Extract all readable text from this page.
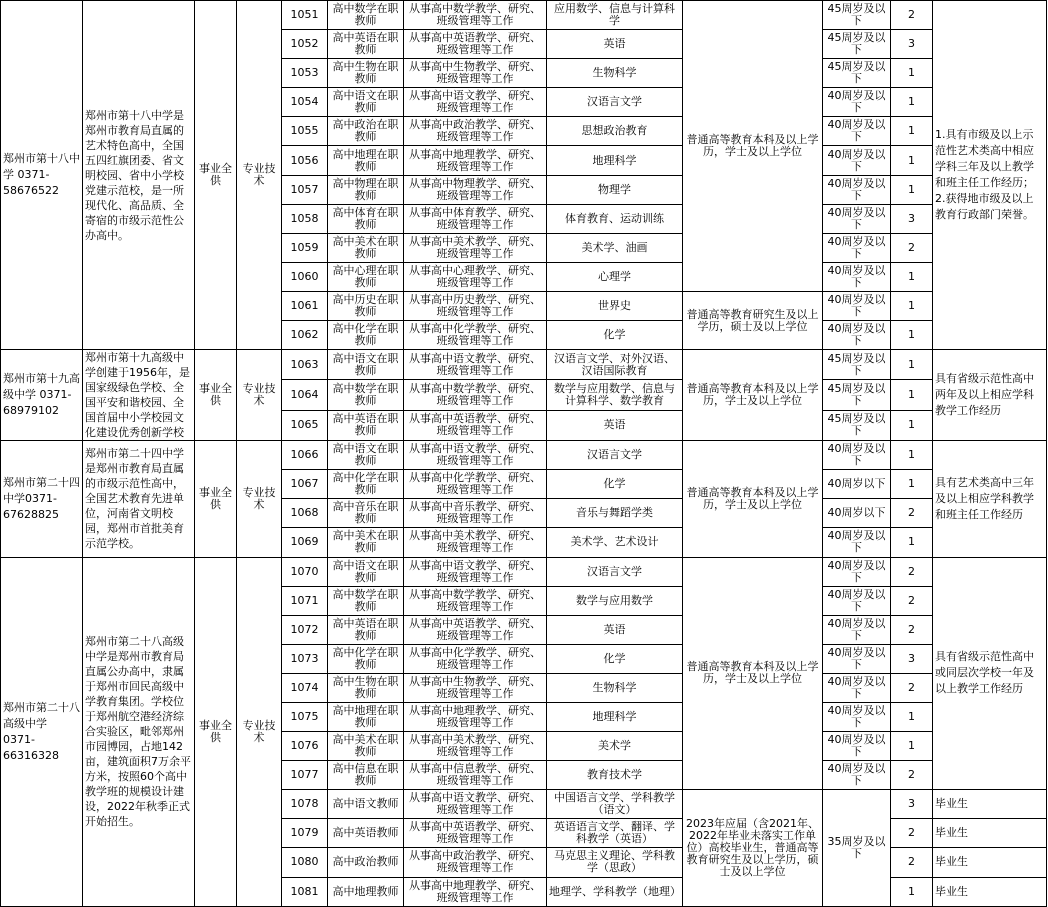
郑州市第十八中学 0371-58676522	郑州市第十八中学是郑州市教育局直属的艺术特色高中，全国五四红旗团委、省文明校园、省中小学校党建示范校，是一所现代化、高品质、全寄宿的市级示范性公办高中。	事业全供	专业技术	1051	高中数学在职教师	从事高中数学教学、研究、班级管理等工作	应用数学、信息与计算科学	普通高等教育本科及以上学历，学士及以上学位	45周岁及以下	2	1.具有市级及以上示范性艺术类高中相应学科三年及以上教学和班主任工作经历；2.获得地市级及以上教育行政部门荣誉。
				1052	高中英语在职教师	从事高中英语教学、研究、班级管理等工作	英语		45周岁及以下	3	
				1053	高中生物在职教师	从事高中生物教学、研究、班级管理等工作	生物科学		45周岁及以下	1	
				1054	高中语文在职教师	从事高中语文教学、研究、班级管理等工作	汉语言文学		40周岁及以下	1	
				1055	高中政治在职教师	从事高中政治教学、研究、班级管理等工作	思想政治教育		40周岁及以下	1	
				1056	高中地理在职教师	从事高中地理教学、研究、班级管理等工作	地理科学		40周岁及以下	1	
				1057	高中物理在职教师	从事高中物理教学、研究、班级管理等工作	物理学		40周岁及以下	1	
				1058	高中体育在职教师	从事高中体育教学、研究、班级管理等工作	体育教育、运动训练		40周岁及以下	3	
				1059	高中美术在职教师	从事高中美术教学、研究、班级管理等工作	美术学、油画		40周岁及以下	2	
				1060	高中心理在职教师	从事高中心理教学、研究、班级管理等工作	心理学		40周岁及以下	1	
				1061	高中历史在职教师	从事高中历史教学、研究、班级管理等工作	世界史	普通高等教育研究生及以上学历，硕士及以上学位	40周岁及以下	1	
				1062	高中化学在职教师	从事高中化学教学、研究、班级管理等工作	化学		40周岁及以下	1	
郑州市第十九高级中学 0371-68979102	郑州市第十九高级中学创建于1956年，是国家级绿色学校、全国平安和谐校园、全国首届中小学校园文化建设优秀创新学校	事业全供	专业技术	1063	高中语文在职教师	从事高中语文教学、研究、班级管理等工作	汉语言文学、对外汉语、汉语国际教育	普通高等教育本科及以上学历，学士及以上学位	45周岁及以下	1	具有省级示范性高中两年及以上相应学科教学工作经历
				1064	高中数学在职教师	从事高中数学教学、研究、班级管理等工作	数学与应用数学、信息与计算科学、数学教育		45周岁及以下	1	
				1065	高中英语在职教师	从事高中英语教学、研究、班级管理等工作	英语		45周岁及以下	1	
郑州市第二十四中学0371-67628825	郑州市第二十四中学是郑州市教育局直属的市级示范性高中，全国艺术教育先进单位，河南省文明校园，郑州市首批美育示范学校。	事业全供	专业技术	1066	高中语文在职教师	从事高中语文教学、研究、班级管理等工作	汉语言文学	普通高等教育本科及以上学历，学士及以上学位	40周岁及以下	1	具有艺术类高中三年及以上相应学科教学和班主任工作经历
				1067	高中化学在职教师	从事高中化学教学、研究、班级管理等工作	化学		40周岁以下	1	
				1068	高中音乐在职教师	从事高中音乐教学、研究、班级管理等工作	音乐与舞蹈学类		40周岁以下	2	
				1069	高中美术在职教师	从事高中美术教学、研究、班级管理等工作	美术学、艺术设计		40周岁及以下	1	
郑州市第二十八高级中学 0371-66316328	郑州市第二十八高级中学是郑州市教育局直属公办高中，隶属于郑州市回民高级中学教育集团。学校位于郑州航空港经济综合实验区，毗邻郑州市园博园，占地142亩，建筑面积7万余平方米，按照60个高中教学班的规模设计建设，2022年秋季正式开始招生。	事业全供	专业技术	1070	高中语文在职教师	从事高中语文教学、研究、班级管理等工作	汉语言文学	普通高等教育本科及以上学历，学士及以上学位	40周岁及以下	2	具有省级示范性高中或同层次学校一年及以上教学工作经历
				1071	高中数学在职教师	从事高中数学教学、研究、班级管理等工作	数学与应用数学		40周岁及以下	2	
				1072	高中英语在职教师	从事高中英语教学、研究、班级管理等工作	英语		40周岁及以下	2	
				1073	高中化学在职教师	从事高中化学教学、研究、班级管理等工作	化学		40周岁及以下	3	
				1074	高中生物在职教师	从事高中生物教学、研究、班级管理等工作	生物科学		40周岁及以下	2	
				1075	高中地理在职教师	从事高中地理教学、研究、班级管理等工作	地理科学		40周岁及以下	1	
				1076	高中美术在职教师	从事高中美术教学、研究、班级管理等工作	美术学		40周岁及以下	1	
				1077	高中信息在职教师	从事高中信息教学、研究、班级管理等工作	教育技术学		40周岁及以下	2	
				1078	高中语文教师	从事高中语文教学、研究、班级管理等工作	中国语言文学、学科教学（语文）	2023年应届（含2021年、2022年毕业未落实工作单位）高校毕业生，普通高等教育研究生及以上学历，硕士及以上学位	35周岁及以下	3	毕业生
				1079	高中英语教师	从事高中英语教学、研究、班级管理等工作	英语语言文学、翻译、学科教学（英语）			2	毕业生
				1080	高中政治教师	从事高中政治教学、研究、班级管理等工作	马克思主义理论、学科教学（思政）			2	毕业生
				1081	高中地理教师	从事高中地理教学、研究、班级管理等工作	地理学、学科教学（地理）			1	毕业生
